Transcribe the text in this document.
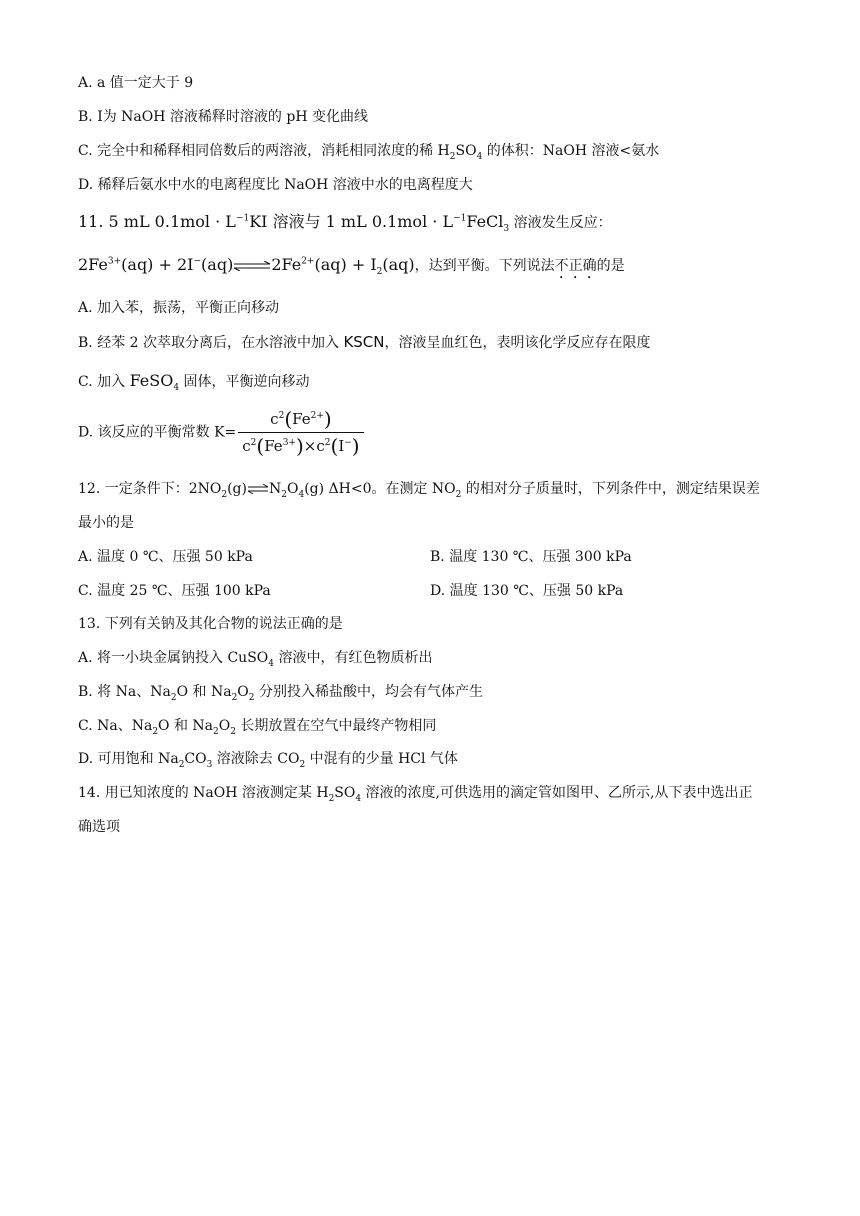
A. a 值一定大于 9
B. Ⅰ为 NaOH 溶液稀释时溶液的 pH 变化曲线
C. 完全中和稀释相同倍数后的两溶液，消耗相同浓度的稀 $H_2SO_4$ 的体积：NaOH 溶液<氨水
D. 稀释后氨水中水的电离程度比 NaOH 溶液中水的电离程度大
11. 5 mL $0.1mol \cdot L^{-1}KI$ 溶液与 1 mL $0.1mol \cdot L^{-1}FeCl_3$ 溶液发生反应：
$2Fe^{3+}(aq)$ + $2I^-(aq)\rightleftharpoons 2Fe^{2+}(aq) + I_2(aq)$，达到平衡。下列说法不正确的是
A. 加入苯，振荡，平衡正向移动
B. 经苯 2 次萃取分离后，在水溶液中加入 KSCN，溶液呈血红色，表明该化学反应存在限度
C. 加入 FeSO$_4$ 固体，平衡逆向移动
D. 该反应的平衡常数 $K= \frac{c^2(Fe^{2+})}{c^2(Fe^{3+})\times c^2(I^-)}$
12. 一定条件下：$2NO_2(g)\rightleftharpoons N_2O_4(g)$ ΔH<0。在测定 $NO_2$ 的相对分子质量时，下列条件中，测定结果误差
最小的是
A. 温度 0 ℃、压强 50 kPa	B. 温度 130 ℃、压强 300 kPa
C. 温度 25 ℃、压强 100 kPa	D. 温度 130 ℃、压强 50 kPa
13. 下列有关钠及其化合物的说法正确的是
A. 将一小块金属钠投入 CuSO$_4$ 溶液中，有红色物质析出
B. 将 Na、$Na_2O$ 和 $Na_2O_2$ 分别投入稀盐酸中，均会有气体产生
C. Na、$Na_2O$ 和 $Na_2O_2$ 长期放置在空气中最终产物相同
D. 可用饱和 $Na_2CO_3$ 溶液除去 $CO_2$ 中混有的少量 HCl 气体
14. 用已知浓度的 NaOH 溶液测定某 $H_2SO_4$ 溶液的浓度,可供选用的滴定管如图甲、乙所示,从下表中选出正
确选项
